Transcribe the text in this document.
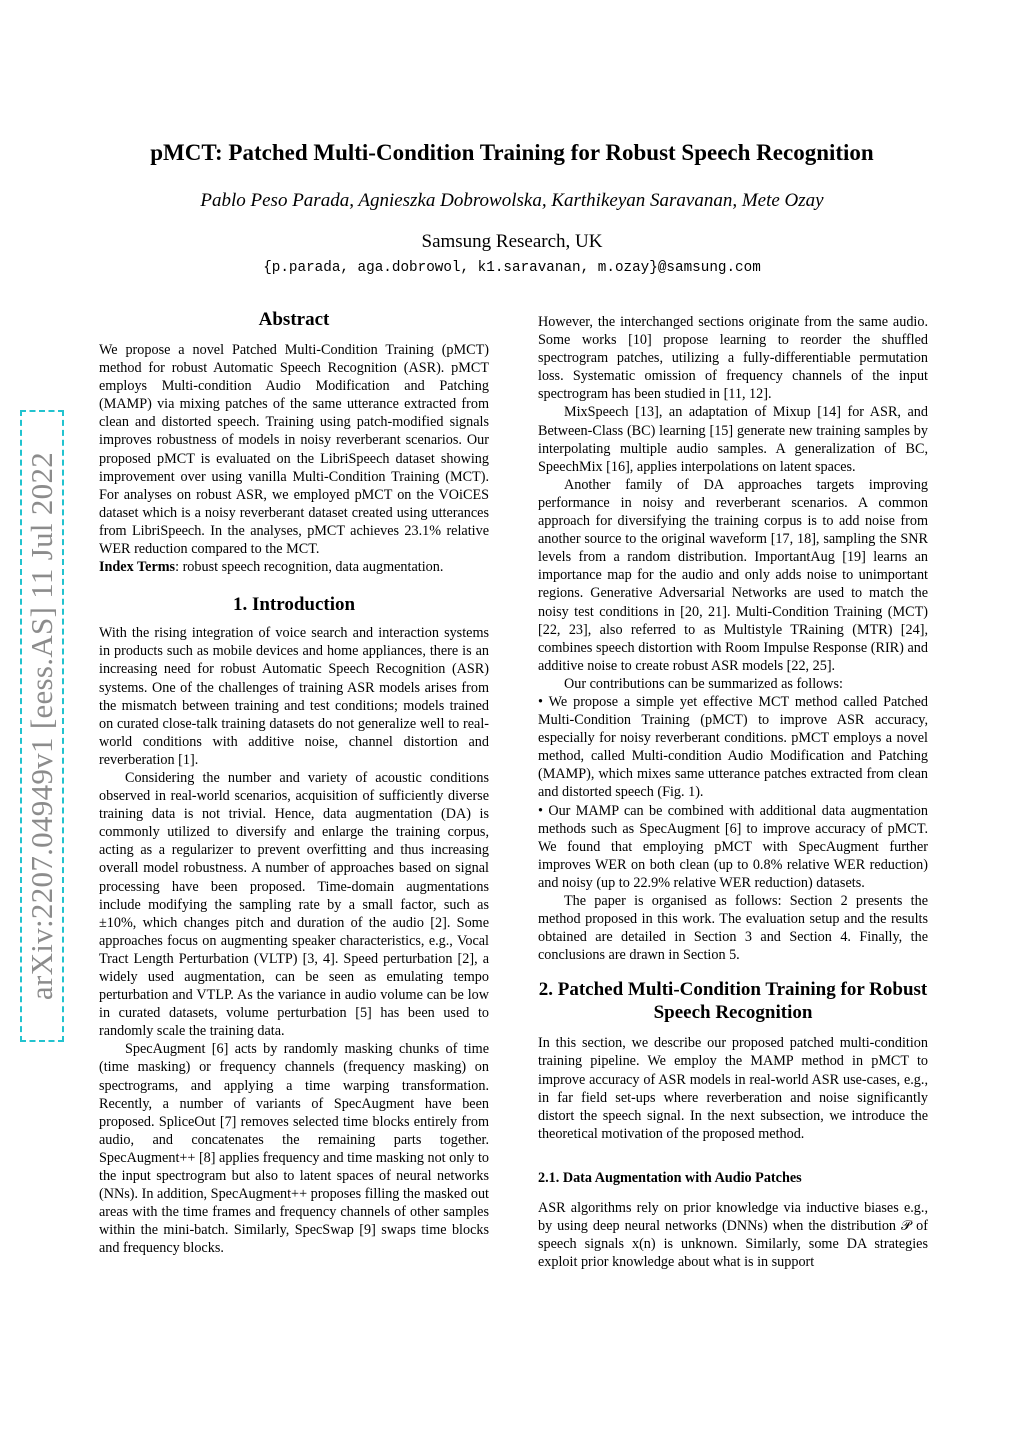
arXiv:2207.04949v1 [eess.AS] 11 Jul 2022
pMCT: Patched Multi-Condition Training for Robust Speech Recognition
Pablo Peso Parada, Agnieszka Dobrowolska, Karthikeyan Saravanan, Mete Ozay
Samsung Research, UK
{p.parada, aga.dobrowol, k1.saravanan, m.ozay}@samsung.com
Abstract

We propose a novel Patched Multi-Condition Training (pMCT) method for robust Automatic Speech Recognition (ASR). pMCT employs Multi-condition Audio Modification and Patching (MAMP) via mixing patches of the same utterance extracted from clean and distorted speech. Training using patch-modified signals improves robustness of models in noisy reverberant scenarios. Our proposed pMCT is evaluated on the LibriSpeech dataset showing improvement over using vanilla Multi-Condition Training (MCT). For analyses on robust ASR, we employed pMCT on the VOiCES dataset which is a noisy reverberant dataset created using utterances from LibriSpeech. In the analyses, pMCT achieves 23.1% relative WER reduction compared to the MCT.

Index Terms: robust speech recognition, data augmentation.

1. Introduction

With the rising integration of voice search and interaction systems in products such as mobile devices and home appliances, there is an increasing need for robust Automatic Speech Recognition (ASR) systems. One of the challenges of training ASR models arises from the mismatch between training and test conditions; models trained on curated close-talk training datasets do not generalize well to real-world conditions with additive noise, channel distortion and reverberation [1].

Considering the number and variety of acoustic conditions observed in real-world scenarios, acquisition of sufficiently diverse training data is not trivial. Hence, data augmentation (DA) is commonly utilized to diversify and enlarge the training corpus, acting as a regularizer to prevent overfitting and thus increasing overall model robustness. A number of approaches based on signal processing have been proposed. Time-domain augmentations include modifying the sampling rate by a small factor, such as ±10%, which changes pitch and duration of the audio [2]. Some approaches focus on augmenting speaker characteristics, e.g., Vocal Tract Length Perturbation (VLTP) [3, 4]. Speed perturbation [2], a widely used augmentation, can be seen as emulating tempo perturbation and VTLP. As the variance in audio volume can be low in curated datasets, volume perturbation [5] has been used to randomly scale the training data.

SpecAugment [6] acts by randomly masking chunks of time (time masking) or frequency channels (frequency masking) on spectrograms, and applying a time warping transformation. Recently, a number of variants of SpecAugment have been proposed. SpliceOut [7] removes selected time blocks entirely from audio, and concatenates the remaining parts together. SpecAugment++ [8] applies frequency and time masking not only to the input spectrogram but also to latent spaces of neural networks (NNs). In addition, SpecAugment++ proposes filling the masked out areas with the time frames and frequency channels of other samples within the mini-batch. Similarly, SpecSwap [9] swaps time blocks and frequency blocks.

However, the interchanged sections originate from the same audio. Some works [10] propose learning to reorder the shuffled spectrogram patches, utilizing a fully-differentiable permutation loss. Systematic omission of frequency channels of the input spectrogram has been studied in [11, 12].

MixSpeech [13], an adaptation of Mixup [14] for ASR, and Between-Class (BC) learning [15] generate new training samples by interpolating multiple audio samples. A generalization of BC, SpeechMix [16], applies interpolations on latent spaces.

Another family of DA approaches targets improving performance in noisy and reverberant scenarios. A common approach for diversifying the training corpus is to add noise from another source to the original waveform [17, 18], sampling the SNR levels from a random distribution. ImportantAug [19] learns an importance map for the audio and only adds noise to unimportant regions. Generative Adversarial Networks are used to match the noisy test conditions in [20, 21]. Multi-Condition Training (MCT) [22, 23], also referred to as Multistyle TRaining (MTR) [24], combines speech distortion with Room Impulse Response (RIR) and additive noise to create robust ASR models [22, 25].

Our contributions can be summarized as follows:

• We propose a simple yet effective MCT method called Patched Multi-Condition Training (pMCT) to improve ASR accuracy, especially for noisy reverberant conditions. pMCT employs a novel method, called Multi-condition Audio Modification and Patching (MAMP), which mixes same utterance patches extracted from clean and distorted speech (Fig. 1).

• Our MAMP can be combined with additional data augmentation methods such as SpecAugment [6] to improve accuracy of pMCT. We found that employing pMCT with SpecAugment further improves WER on both clean (up to 0.8% relative WER reduction) and noisy (up to 22.9% relative WER reduction) datasets.

The paper is organised as follows: Section 2 presents the method proposed in this work. The evaluation setup and the results obtained are detailed in Section 3 and Section 4. Finally, the conclusions are drawn in Section 5.

2. Patched Multi-Condition Training for Robust Speech Recognition

In this section, we describe our proposed patched multi-condition training pipeline. We employ the MAMP method in pMCT to improve accuracy of ASR models in real-world ASR use-cases, e.g., in far field set-ups where reverberation and noise significantly distort the speech signal. In the next subsection, we introduce the theoretical motivation of the proposed method.

2.1. Data Augmentation with Audio Patches

ASR algorithms rely on prior knowledge via inductive biases e.g., by using deep neural networks (DNNs) when the distribution 𝒫 of speech signals x(n) is unknown. Similarly, some DA strategies exploit prior knowledge about what is in support
